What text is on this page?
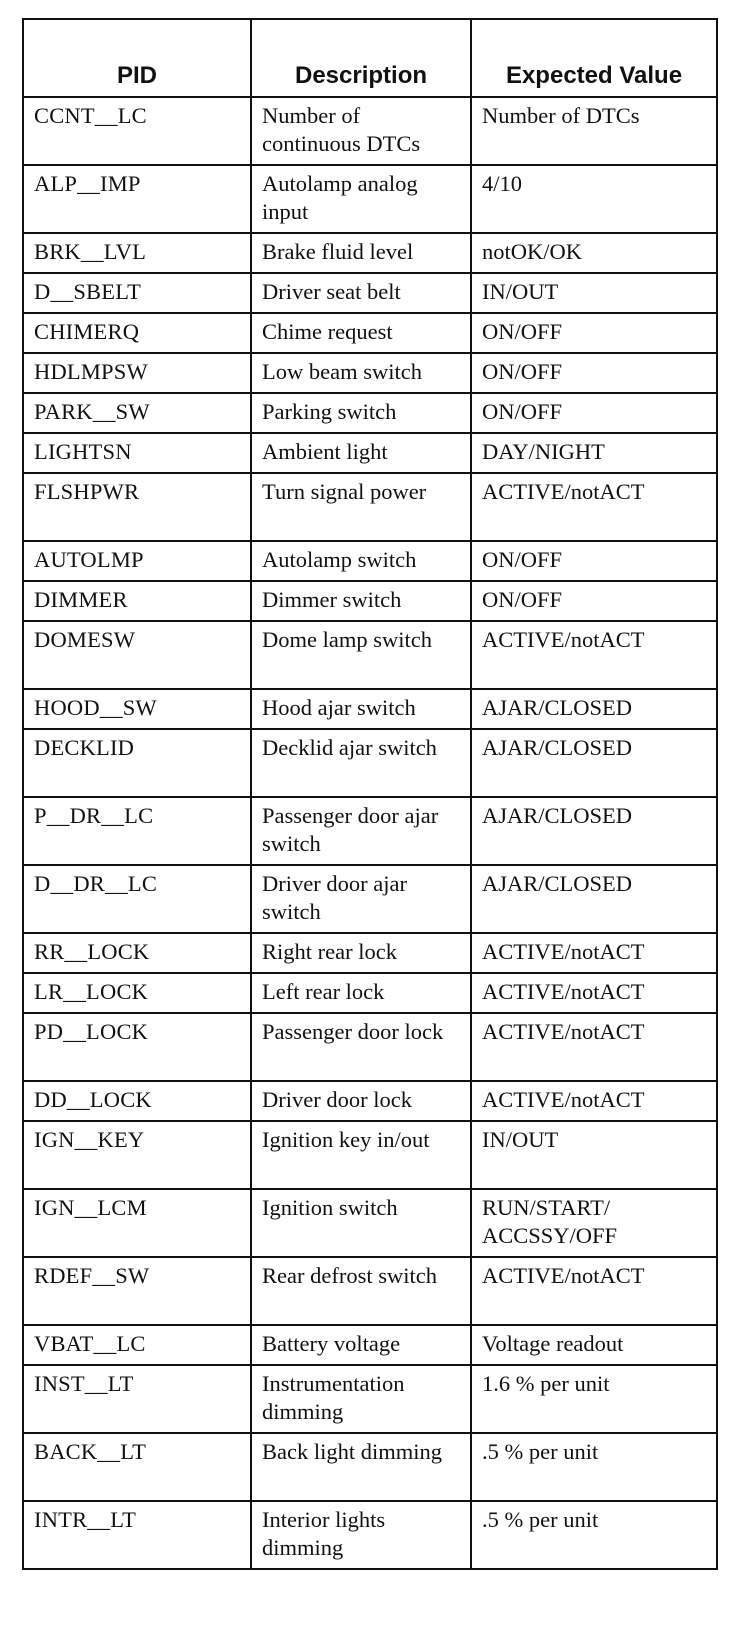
PID	Description	Expected Value
CCNT__LC	Number of continuous DTCs	Number of DTCs
ALP__IMP	Autolamp analog input	4/10
BRK__LVL	Brake fluid level	notOK/OK
D__SBELT	Driver seat belt	IN/OUT
CHIMERQ	Chime request	ON/OFF
HDLMPSW	Low beam switch	ON/OFF
PARK__SW	Parking switch	ON/OFF
LIGHTSN	Ambient light	DAY/NIGHT
FLSHPWR	Turn signal power	ACTIVE/notACT
AUTOLMP	Autolamp switch	ON/OFF
DIMMER	Dimmer switch	ON/OFF
DOMESW	Dome lamp switch	ACTIVE/notACT
HOOD__SW	Hood ajar switch	AJAR/CLOSED
DECKLID	Decklid ajar switch	AJAR/CLOSED
P__DR__LC	Passenger door ajar switch	AJAR/CLOSED
D__DR__LC	Driver door ajar switch	AJAR/CLOSED
RR__LOCK	Right rear lock	ACTIVE/notACT
LR__LOCK	Left rear lock	ACTIVE/notACT
PD__LOCK	Passenger door lock	ACTIVE/notACT
DD__LOCK	Driver door lock	ACTIVE/notACT
IGN__KEY	Ignition key in/out	IN/OUT
IGN__LCM	Ignition switch	RUN/START/ ACCSSY/OFF
RDEF__SW	Rear defrost switch	ACTIVE/notACT
VBAT__LC	Battery voltage	Voltage readout
INST__LT	Instrumentation dimming	1.6 % per unit
BACK__LT	Back light dimming	.5 % per unit
INTR__LT	Interior lights dimming	.5 % per unit
